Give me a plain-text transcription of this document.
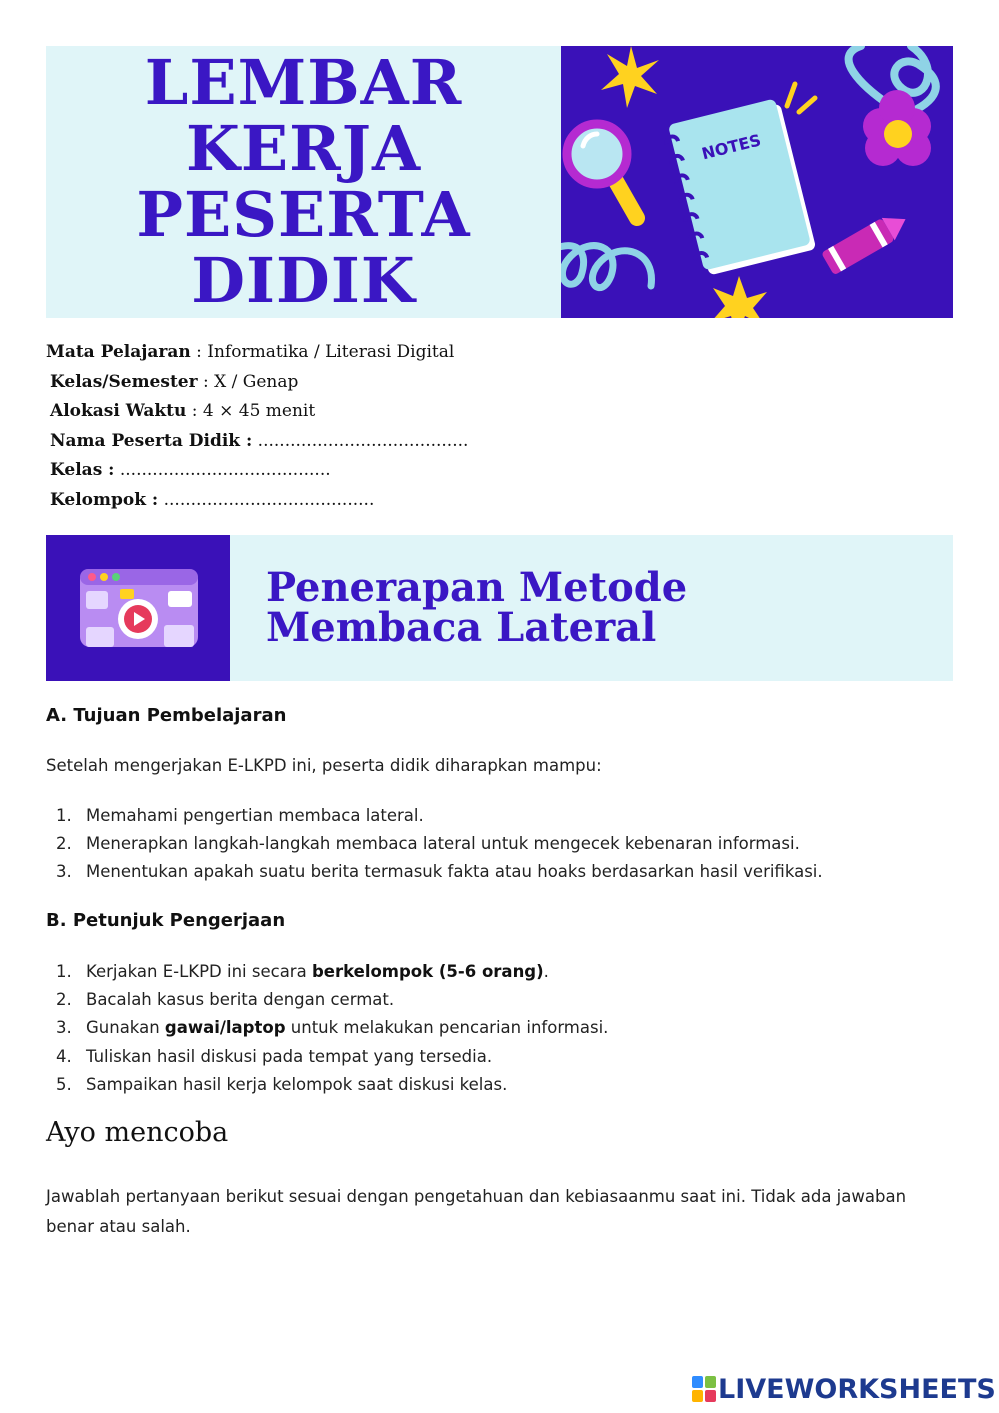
LEMBAR
KERJA
PESERTA
DIDIK
NOTES
Mata Pelajaran : Informatika / Literasi Digital
Kelas/Semester : X / Genap
Alokasi Waktu : 4 × 45 menit
Nama Peserta Didik : .......................................
Kelas : .......................................
Kelompok : .......................................
Penerapan Metode
Membaca Lateral
A. Tujuan Pembelajaran
Setelah mengerjakan E-LKPD ini, peserta didik diharapkan mampu:
1. Memahami pengertian membaca lateral.
2. Menerapkan langkah-langkah membaca lateral untuk mengecek kebenaran informasi.
3. Menentukan apakah suatu berita termasuk fakta atau hoaks berdasarkan hasil verifikasi.
B. Petunjuk Pengerjaan
1. Kerjakan E-LKPD ini secara berkelompok (5-6 orang).
2. Bacalah kasus berita dengan cermat.
3. Gunakan gawai/laptop untuk melakukan pencarian informasi.
4. Tuliskan hasil diskusi pada tempat yang tersedia.
5. Sampaikan hasil kerja kelompok saat diskusi kelas.
Ayo mencoba
Jawablah pertanyaan berikut sesuai dengan pengetahuan dan kebiasaanmu saat ini. Tidak ada jawaban benar atau salah.
LIVEWORKSHEETS
